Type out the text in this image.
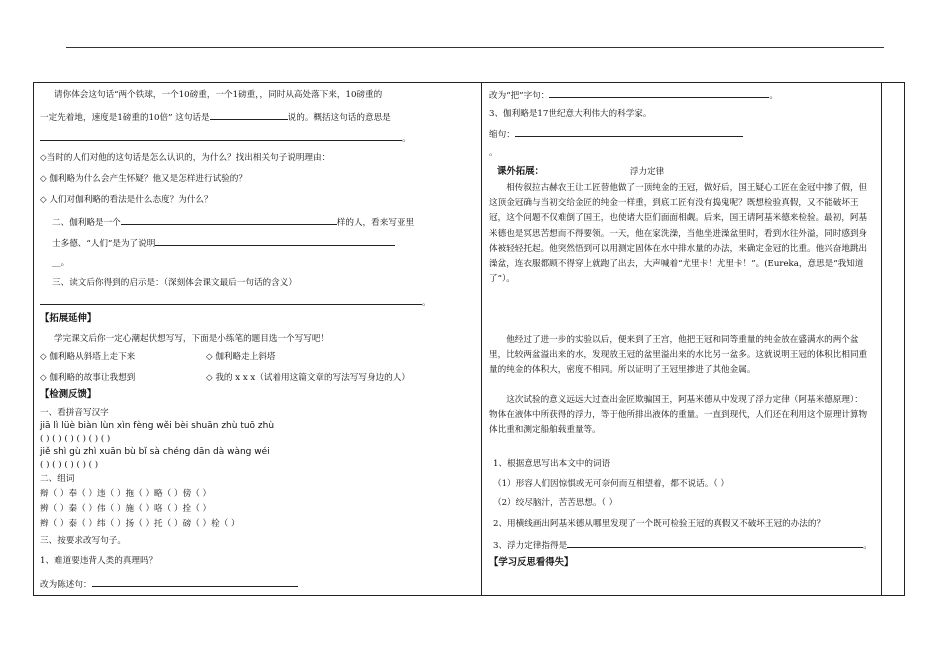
请你体会这句话“两个铁球，一个10磅重，一个1磅重，，同时从高处落下来，10磅重的
一定先着地，速度是1磅重的10倍” 这句话是	说的。概括这句话的意思是
。
◇当时的人们对他的这句话是怎么认识的，为什么？找出相关句子说明理由：
◇ 伽利略为什么会产生怀疑？他又是怎样进行试验的？
◇ 人们对伽利略的看法是什么态度？为什么？
二、伽利略是一个	样的人，看来写亚里
士多德、“人们”是为了说明
__。
三、读文后你得到的启示是：（深刻体会课文最后一句话的含义）
。
【拓展延伸】
学完课文后你一定心潮起伏想写写，下面是小练笔的题目选一个写写吧！
◇ 伽利略从斜塔上走下来	◇ 伽利略走上斜塔
◇ 伽利略的故事让我想到	◇ 我的 x x x（试着用这篇文章的写法写写身边的人）
【检测反馈】
一、看拼音写汉字
jiā lì lüè biàn lùn xìn fèng wěi bèi shuān zhù tuō zhù
( ) ( ) ( ) ( ) ( ) ( )
jiě shì gù zhì xuān bù bǐ sà chéng dān dà wàng wéi
( ) ( ) ( ) ( ) ( )
二、组词
辩（ ）奉（ ）违（ ）拖（ ）略（ ）傍（ ）
辨（ ）秦（ ）伟（ ）施（ ）咯（ ）拴（ ）
辫（ ）泰（ ）纬（ ）扬（ ）托（ ）磅（ ）栓（ ）
三、按要求改写句子。
1、难道要违背人类的真理吗？
改为陈述句：
改为“把”字句：	。
3、伽利略是17世纪意大利伟大的科学家。
缩句：
。
课外拓展：	浮力定律
相传叙拉古赫农王让工匠替他做了一顶纯金的王冠，做好后，国王疑心工匠在金冠中掺了假，但这顶金冠确与当初交给金匠的纯金一样重，到底工匠有没有捣鬼呢？既想检验真假，又不能破坏王冠，这个问题不仅难倒了国王，也使诸大臣们面面相觑。后来，国王请阿基米德来检验。最初，阿基米德也是冥思苦想而不得要领。一天，他在家洗澡，当他坐进澡盆里时，看到水往外溢，同时感到身体被轻轻托起。他突然悟到可以用测定固体在水中排水量的办法，来确定金冠的比重。他兴奋地跳出澡盆，连衣服都顾不得穿上就跑了出去，大声喊着“尤里卡！尤里卡！”。(Eureka，意思是“我知道了”）。
他经过了进一步的实验以后，便来到了王宫，他把王冠和同等重量的纯金放在盛满水的两个盆里，比较两盆溢出来的水，发现放王冠的盆里溢出来的水比另一盆多。这就说明王冠的体积比相同重量的纯金的体积大，密度不相同。所以证明了王冠里掺进了其他金属。
这次试验的意义远远大过查出金匠欺骗国王，阿基米德从中发现了浮力定律（阿基米德原理）：物体在液体中所获得的浮力，等于他所排出液体的重量。一直到现代，人们还在利用这个原理计算物体比重和测定船舶载重量等。
1、根据意思写出本文中的词语
（1）形容人们因惊惧或无可奈何而互相望着，都不说话。（ ）
（2）绞尽脑汁，苦苦思想。（ ）
2、用横线画出阿基米德从哪里发现了一个既可检验王冠的真假又不破坏王冠的办法的？
3、浮力定律指得是	。
【学习反思看得失】
